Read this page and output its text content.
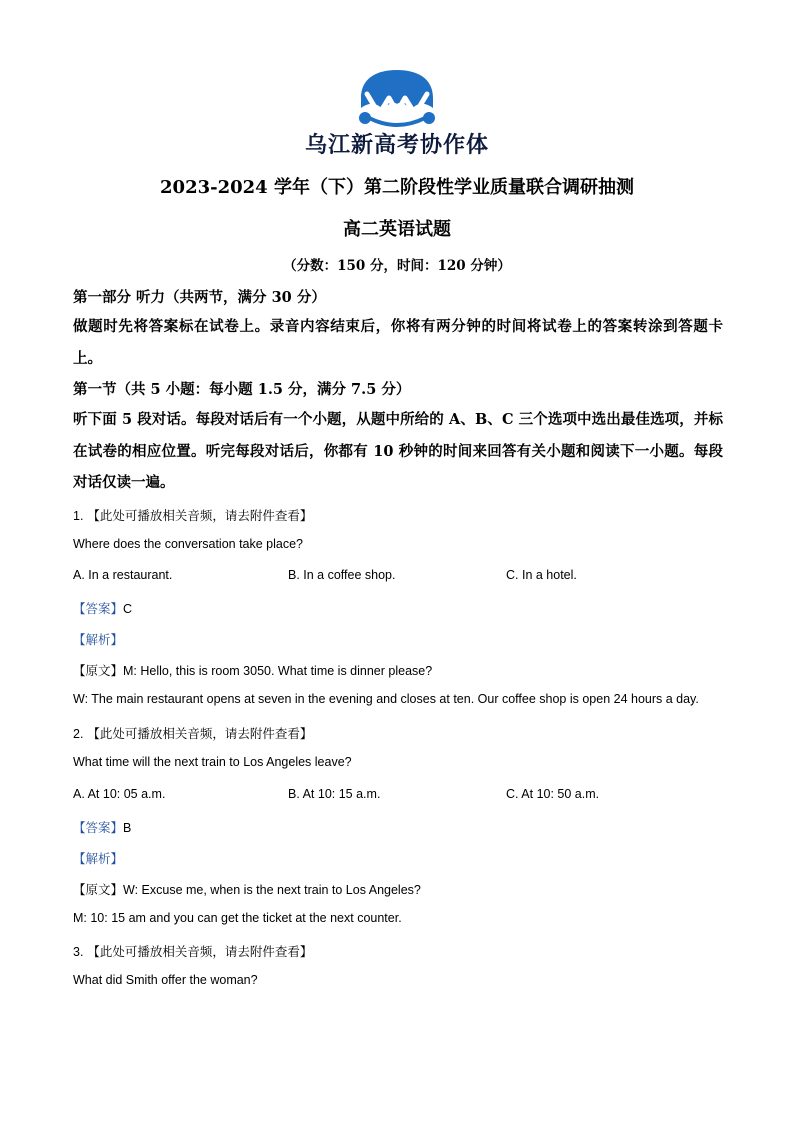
乌江新高考协作体
2023-2024 学年（下）第二阶段性学业质量联合调研抽测
高二英语试题
（分数：150 分，时间：120 分钟）
第一部分 听力（共两节，满分 30 分）
做题时先将答案标在试卷上。录音内容结束后，你将有两分钟的时间将试卷上的答案转涂到答题卡上。
第一节（共 5 小题：每小题 1.5 分，满分 7.5 分）
听下面 5 段对话。每段对话后有一个小题，从题中所给的 A、B、C 三个选项中选出最佳选项，并标在试卷的相应位置。听完每段对话后，你都有 10 秒钟的时间来回答有关小题和阅读下一小题。每段对话仅读一遍。
1. 【此处可播放相关音频，请去附件查看】
Where does the conversation take place?
A. In a restaurant.	B. In a coffee shop.	C. In a hotel.
【答案】C
【解析】
【原文】M: Hello, this is room 3050. What time is dinner please?
W: The main restaurant opens at seven in the evening and closes at ten. Our coffee shop is open 24 hours a day.
2. 【此处可播放相关音频，请去附件查看】
What time will the next train to Los Angeles leave?
A. At 10: 05 a.m.	B. At 10: 15 a.m.	C. At 10: 50 a.m.
【答案】B
【解析】
【原文】W: Excuse me, when is the next train to Los Angeles?
M: 10: 15 am and you can get the ticket at the next counter.
3. 【此处可播放相关音频，请去附件查看】
What did Smith offer the woman?
